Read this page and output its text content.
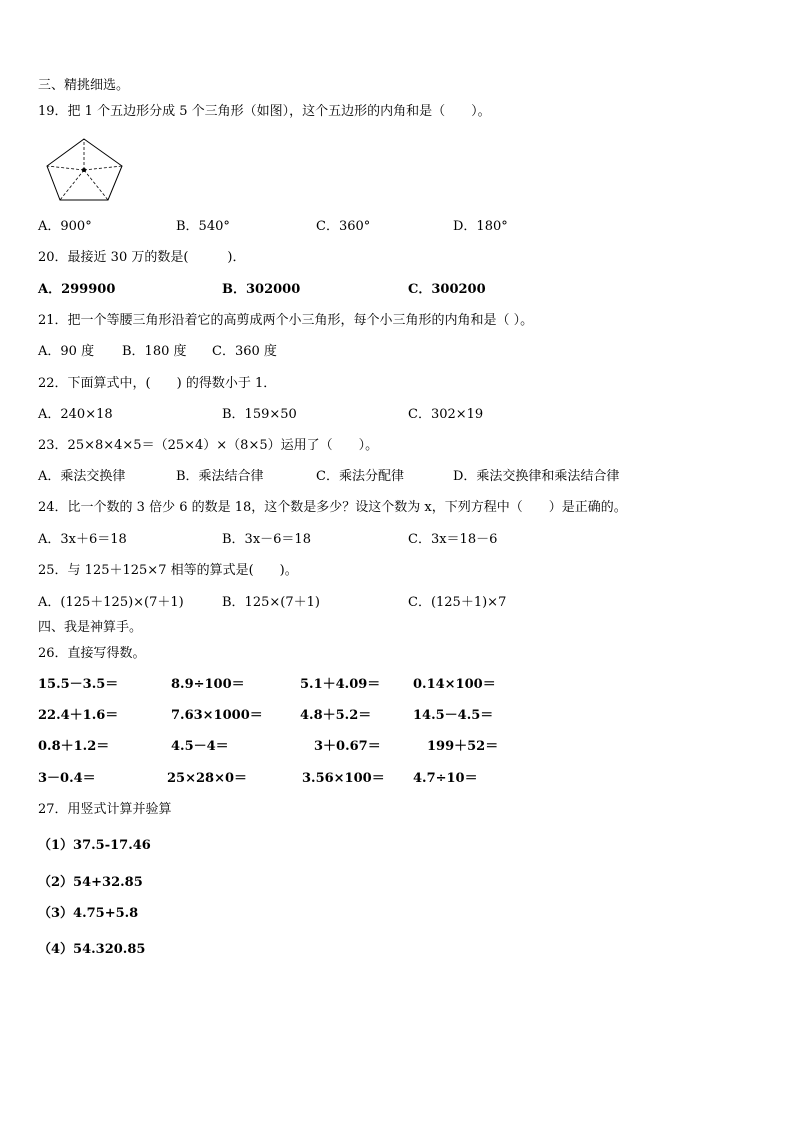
三、精挑细选。
19．把 1 个五边形分成 5 个三角形（如图），这个五边形的内角和是（　　）。
A．900°	B．540°	C．360°	D．180°
20．最接近 30 万的数是(　　　)．
A．299900	B．302000	C．300200
21．把一个等腰三角形沿着它的高剪成两个小三角形，每个小三角形的内角和是（ ）。
A．90 度 B．180 度 C．360 度
22．下面算式中，(　　) 的得数小于 1．
A．240×18	B．159×50	C．302×19
23．25×8×4×5＝（25×4）×（8×5）运用了（　　）。
A．乘法交换律	B．乘法结合律	C．乘法分配律	D．乘法交换律和乘法结合律
24．比一个数的 3 倍少 6 的数是 18，这个数是多少？设这个数为 x，下列方程中（　　）是正确的。
A．3x＋6＝18	B．3x－6＝18	C．3x＝18－6
25．与 125＋125×7 相等的算式是(　　)。
A．(125＋125)×(7＋1)	B．125×(7＋1)	C．(125＋1)×7
四、我是神算手。
26．直接写得数。
15.5－3.5＝	8.9÷100＝	5.1＋4.09＝	0.14×100＝
22.4＋1.6＝	7.63×1000＝	4.8＋5.2＝	14.5－4.5＝
0.8＋1.2＝	4.5－4＝	3＋0.67＝	199＋52＝
3－0.4＝	25×28×0＝	3.56×100＝ 4.7÷10＝
27．用竖式计算并验算
（1）37.5-17.46
（2）54+32.85
（3）4.75+5.8
（4）54.320.85
